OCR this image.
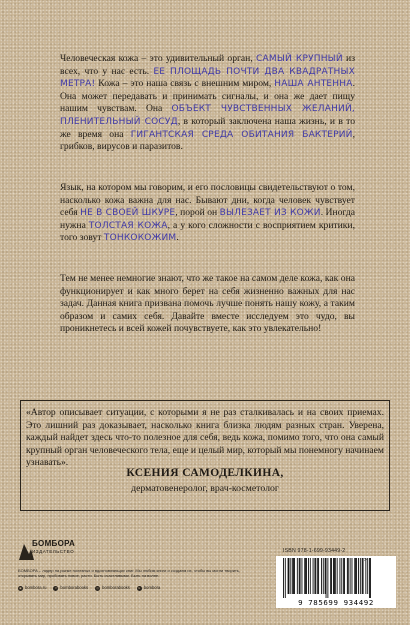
Человеческая кожа – это удивительный орган, САМЫЙ КРУПНЫЙ из всех, что у нас есть. ЕЕ ПЛОЩАДЬ ПОЧТИ ДВА КВАДРАТНЫХ МЕТРА! Кожа – это наша связь с внешним миром, НАША АНТЕННА. Она может передавать и принимать сигналы, и она же дает пищу нашим чувствам. Она ОБЪЕКТ ЧУВСТВЕННЫХ ЖЕЛАНИЙ, ПЛЕНИТЕЛЬНЫЙ СОСУД, в который заключена наша жизнь, и в то же время она ГИГАНТСКАЯ СРЕДА ОБИТАНИЯ БАКТЕРИЙ, грибков, вирусов и паразитов.

Язык, на котором мы говорим, и его пословицы свидетельствуют о том, насколько кожа важна для нас. Бывают дни, когда человек чувствует себя НЕ В СВОЕЙ ШКУРЕ, порой он ВЫЛЕЗАЕТ ИЗ КОЖИ. Иногда нужна ТОЛСТАЯ КОЖА, а у кого сложности с восприятием критики, того зовут ТОНКОКОЖИМ.

Тем не менее немногие знают, что же такое на самом деле кожа, как она функционирует и как много берет на себя жизненно важных для нас задач. Данная книга призвана помочь лучше понять нашу кожу, а таким образом и самих себя. Давайте вместе исследуем это чудо, вы проникнетесь и всей кожей почувствуете, как это увлекательно!

«Автор описывает ситуации, с которыми я не раз сталкивалась и на своих приемах. Это лишний раз доказывает, насколько книга близка людям разных стран. Уверена, каждый найдет здесь что-то полезное для себя, ведь кожа, помимо того, что она самый крупный орган человеческого тела, еще и целый мир, который мы понемногу начинаем узнавать».

КСЕНИЯ САМОДЕЛКИНА,
дерматовенеролог, врач-косметолог
БОМБОРА
ИЗДАТЕЛЬСТВО

БОМБОРА – лидер на рынке полезных и вдохновляющих книг. Мы любим книги и создаем их, чтобы вы могли творить, открывать мир, пробовать новое, расти. Быть счастливыми. Быть на волне.

◉ bombora.ru	v bomborabooks	◎ bomborabooks	➤ bombora
ISBN 978-1-699-93449-2
>
9 785699 934492
